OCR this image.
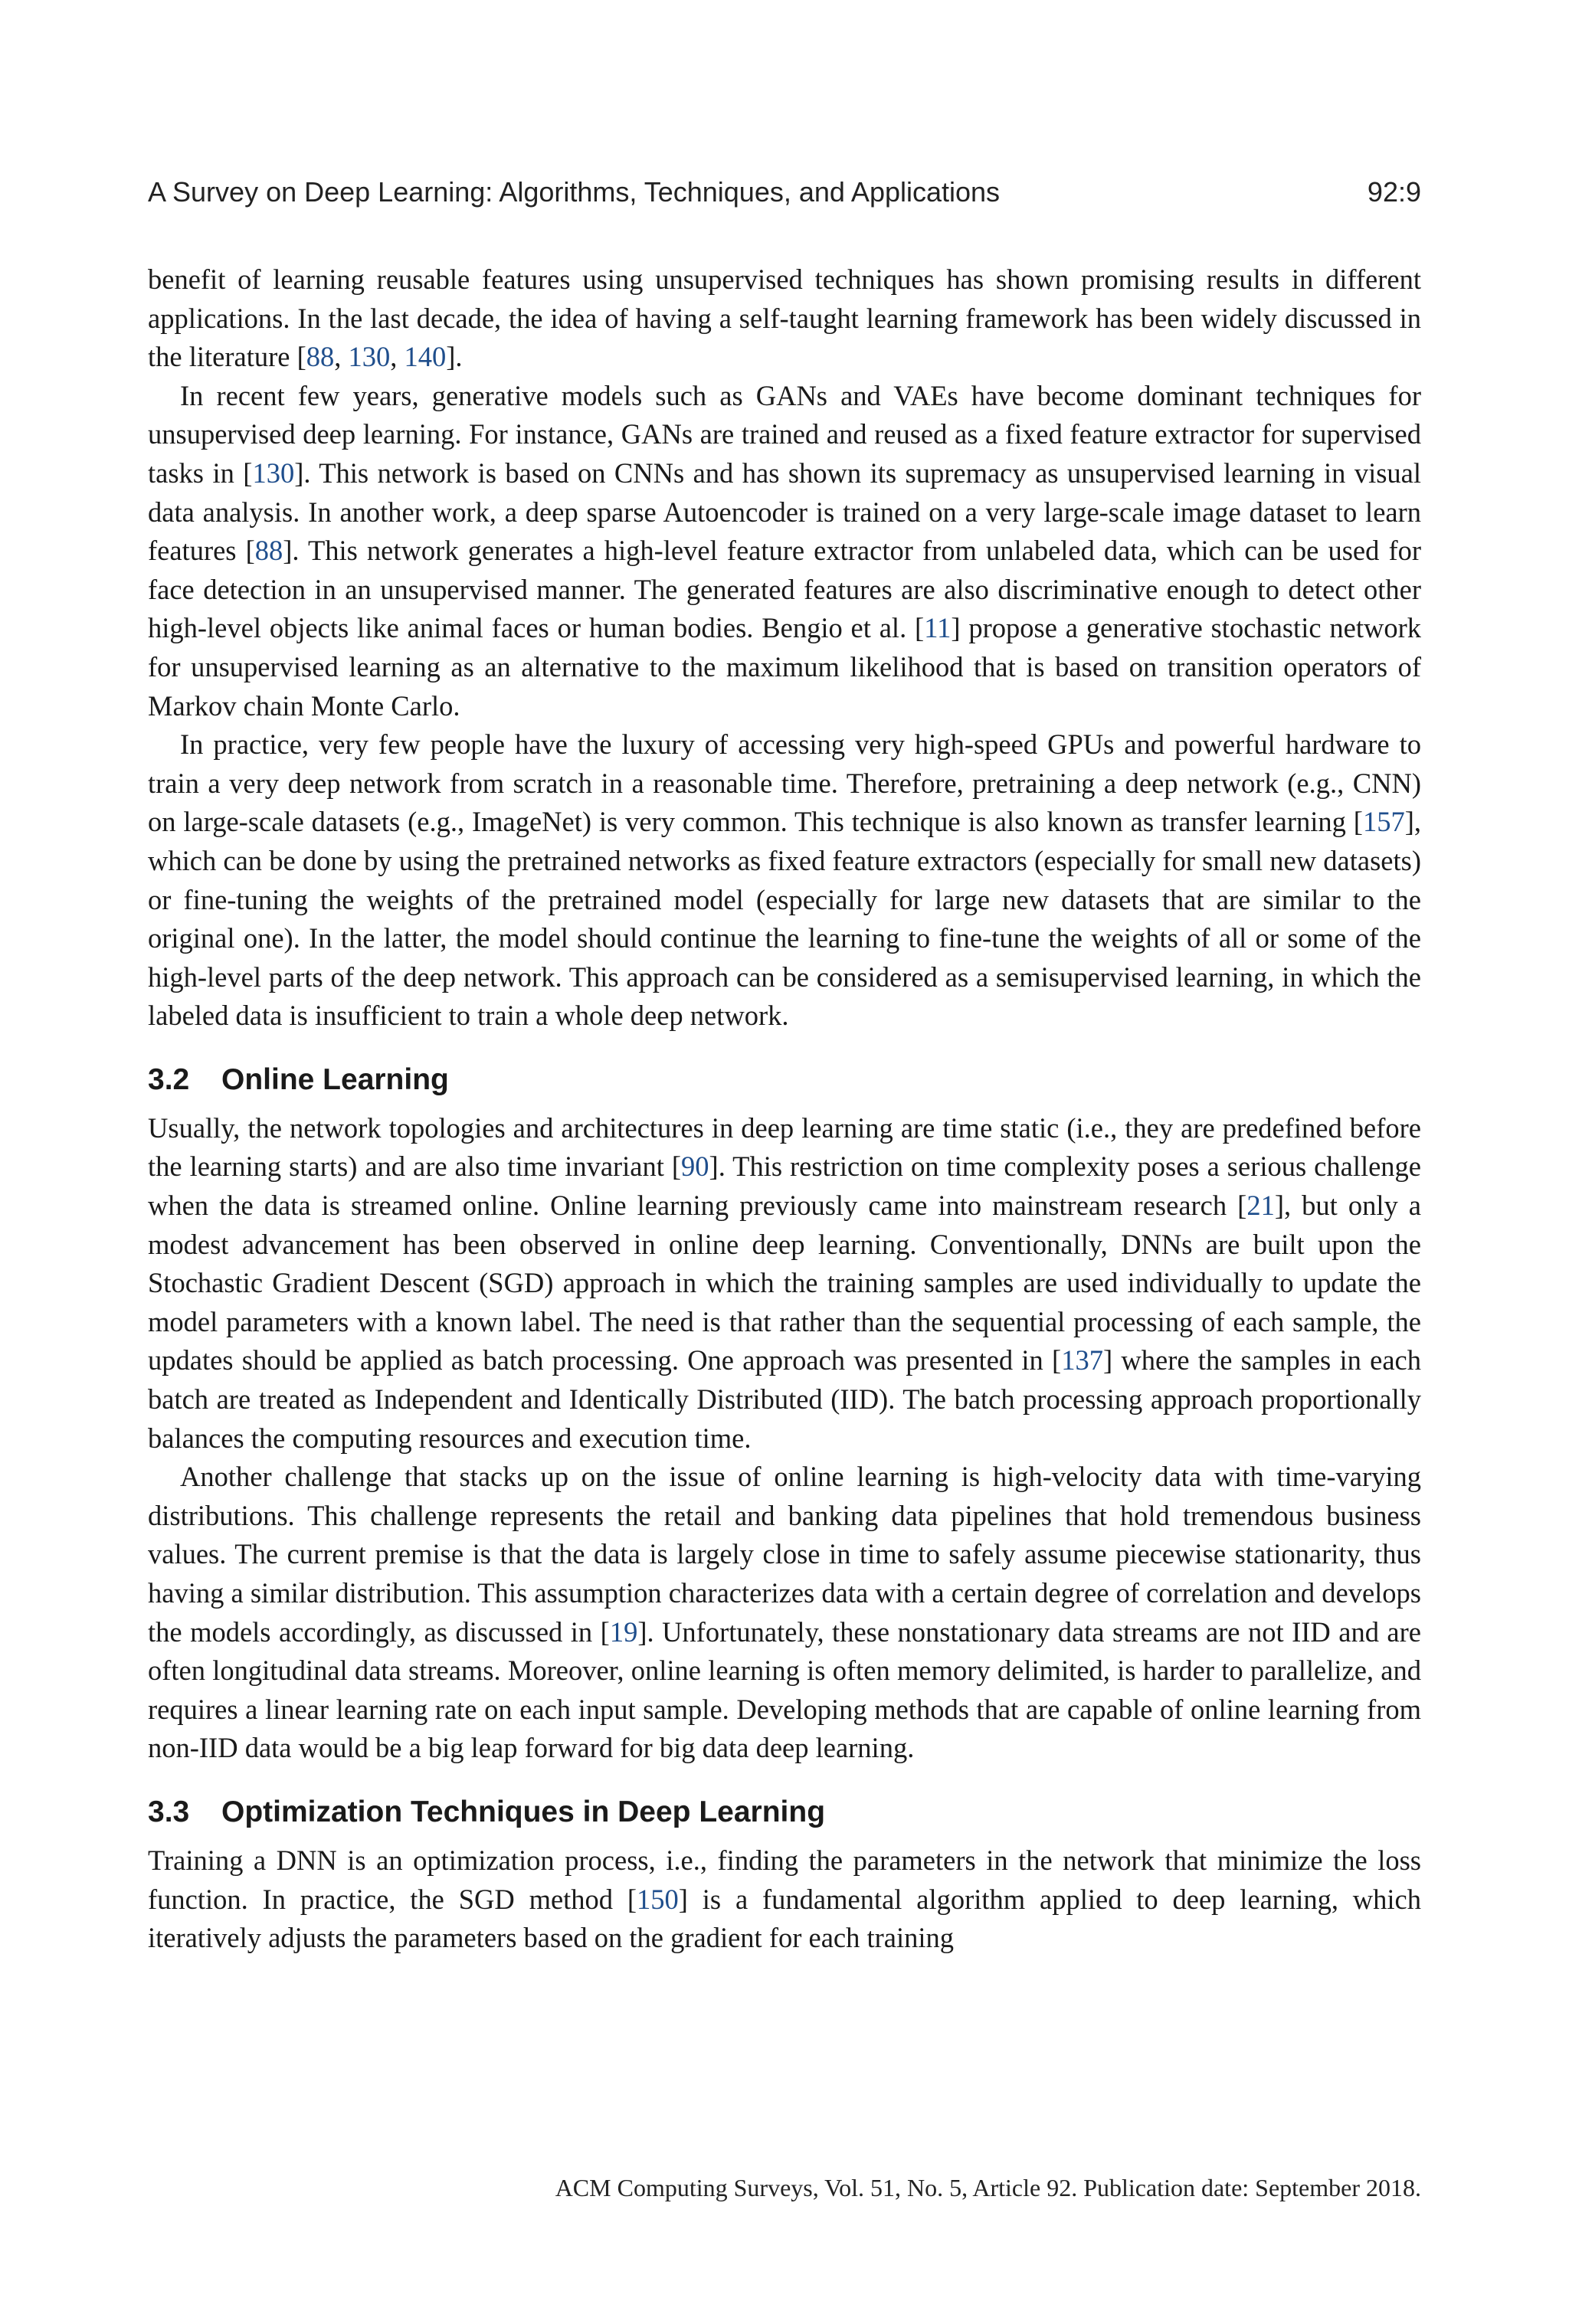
A Survey on Deep Learning: Algorithms, Techniques, and Applications	92:9

benefit of learning reusable features using unsupervised techniques has shown promising results in different applications. In the last decade, the idea of having a self-taught learning framework has been widely discussed in the literature [88, 130, 140].

In recent few years, generative models such as GANs and VAEs have become dominant techniques for unsupervised deep learning. For instance, GANs are trained and reused as a fixed feature extractor for supervised tasks in [130]. This network is based on CNNs and has shown its supremacy as unsupervised learning in visual data analysis. In another work, a deep sparse Autoencoder is trained on a very large-scale image dataset to learn features [88]. This network generates a high-level feature extractor from unlabeled data, which can be used for face detection in an unsupervised manner. The generated features are also discriminative enough to detect other high-level objects like animal faces or human bodies. Bengio et al. [11] propose a generative stochastic network for unsupervised learning as an alternative to the maximum likelihood that is based on transition operators of Markov chain Monte Carlo.

In practice, very few people have the luxury of accessing very high-speed GPUs and powerful hardware to train a very deep network from scratch in a reasonable time. Therefore, pretraining a deep network (e.g., CNN) on large-scale datasets (e.g., ImageNet) is very common. This technique is also known as transfer learning [157], which can be done by using the pretrained networks as fixed feature extractors (especially for small new datasets) or fine-tuning the weights of the pretrained model (especially for large new datasets that are similar to the original one). In the latter, the model should continue the learning to fine-tune the weights of all or some of the high-level parts of the deep network. This approach can be considered as a semisupervised learning, in which the labeled data is insufficient to train a whole deep network.

3.2 Online Learning

Usually, the network topologies and architectures in deep learning are time static (i.e., they are predefined before the learning starts) and are also time invariant [90]. This restriction on time complexity poses a serious challenge when the data is streamed online. Online learning previously came into mainstream research [21], but only a modest advancement has been observed in online deep learning. Conventionally, DNNs are built upon the Stochastic Gradient Descent (SGD) approach in which the training samples are used individually to update the model parameters with a known label. The need is that rather than the sequential processing of each sample, the updates should be applied as batch processing. One approach was presented in [137] where the samples in each batch are treated as Independent and Identically Distributed (IID). The batch processing approach proportionally balances the computing resources and execution time.

Another challenge that stacks up on the issue of online learning is high-velocity data with time-varying distributions. This challenge represents the retail and banking data pipelines that hold tremendous business values. The current premise is that the data is largely close in time to safely assume piecewise stationarity, thus having a similar distribution. This assumption characterizes data with a certain degree of correlation and develops the models accordingly, as discussed in [19]. Unfortunately, these nonstationary data streams are not IID and are often longitudinal data streams. Moreover, online learning is often memory delimited, is harder to parallelize, and requires a linear learning rate on each input sample. Developing methods that are capable of online learning from non-IID data would be a big leap forward for big data deep learning.

3.3 Optimization Techniques in Deep Learning

Training a DNN is an optimization process, i.e., finding the parameters in the network that minimize the loss function. In practice, the SGD method [150] is a fundamental algorithm applied to deep learning, which iteratively adjusts the parameters based on the gradient for each training

ACM Computing Surveys, Vol. 51, No. 5, Article 92. Publication date: September 2018.
